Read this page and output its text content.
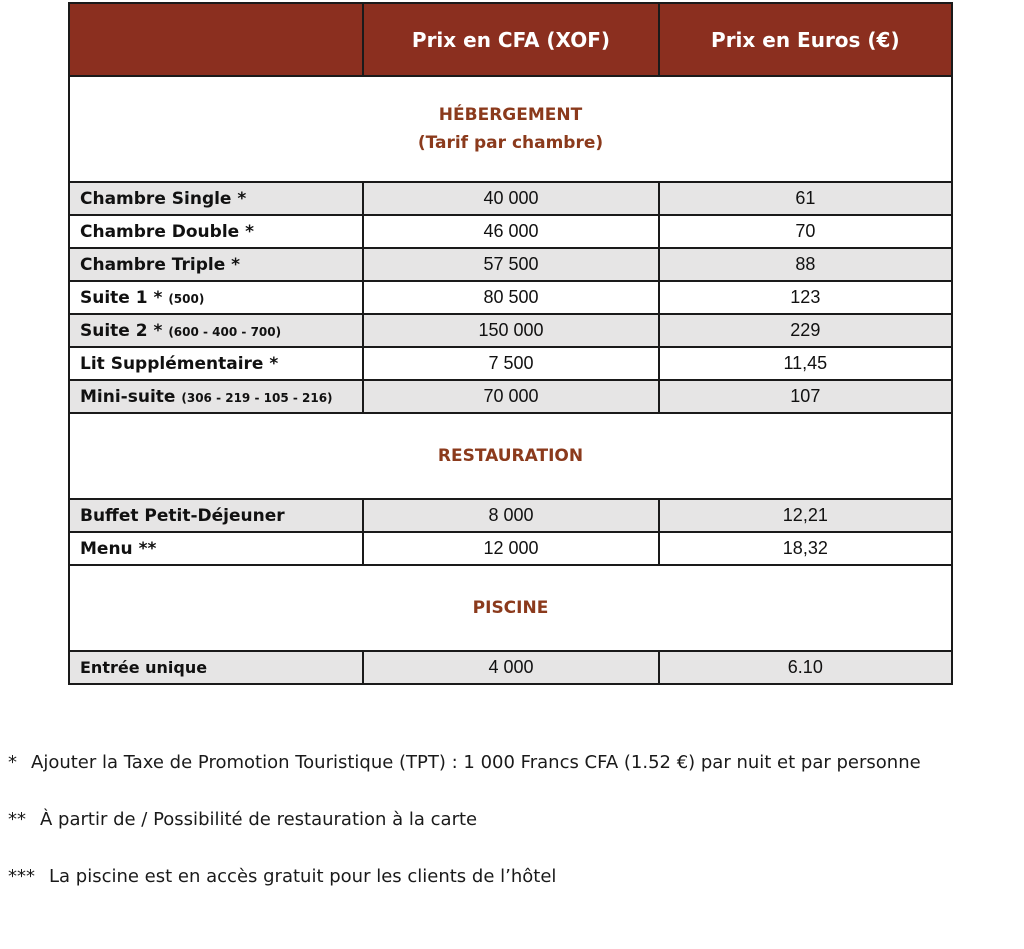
	Prix en CFA (XOF)	Prix en Euros (€)

HÉBERGEMENT
(Tarif par chambre)		

Chambre Single *	40 000	61
Chambre Double *	46 000	70
Chambre Triple *	57 500	88
Suite 1 * (500)	80 500	123
Suite 2 * (600 - 400 - 700)	150 000	229
Lit Supplémentaire *	7 500	11,45
Mini-suite (306 - 219 - 105 - 216)	70 000	107

RESTAURATION		

Buffet Petit-Déjeuner	8 000	12,21
Menu **	12 000	18,32

PISCINE		

Entrée unique	4 000	6.10
* Ajouter la Taxe de Promotion Touristique (TPT) : 1 000 Francs CFA (1.52 €) par nuit et par personne
** À partir de / Possibilité de restauration à la carte
*** La piscine est en accès gratuit pour les clients de l’hôtel
